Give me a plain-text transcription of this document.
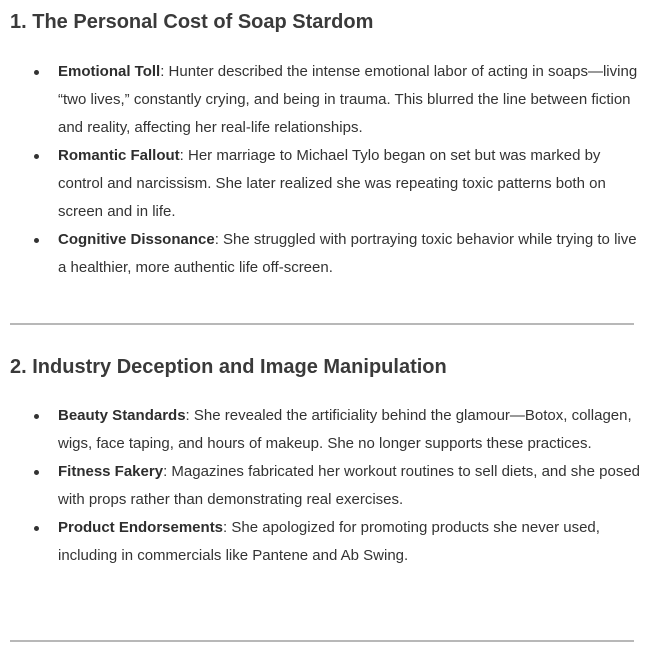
1. The Personal Cost of Soap Stardom
Emotional Toll: Hunter described the intense emotional labor of acting in soaps—living “two lives,” constantly crying, and being in trauma. This blurred the line between fiction and reality, affecting her real-life relationships.
Romantic Fallout: Her marriage to Michael Tylo began on set but was marked by control and narcissism. She later realized she was repeating toxic patterns both on screen and in life.
Cognitive Dissonance: She struggled with portraying toxic behavior while trying to live a healthier, more authentic life off-screen.
2. Industry Deception and Image Manipulation
Beauty Standards: She revealed the artificiality behind the glamour—Botox, collagen, wigs, face taping, and hours of makeup. She no longer supports these practices.
Fitness Fakery: Magazines fabricated her workout routines to sell diets, and she posed with props rather than demonstrating real exercises.
Product Endorsements: She apologized for promoting products she never used, including in commercials like Pantene and Ab Swing.
